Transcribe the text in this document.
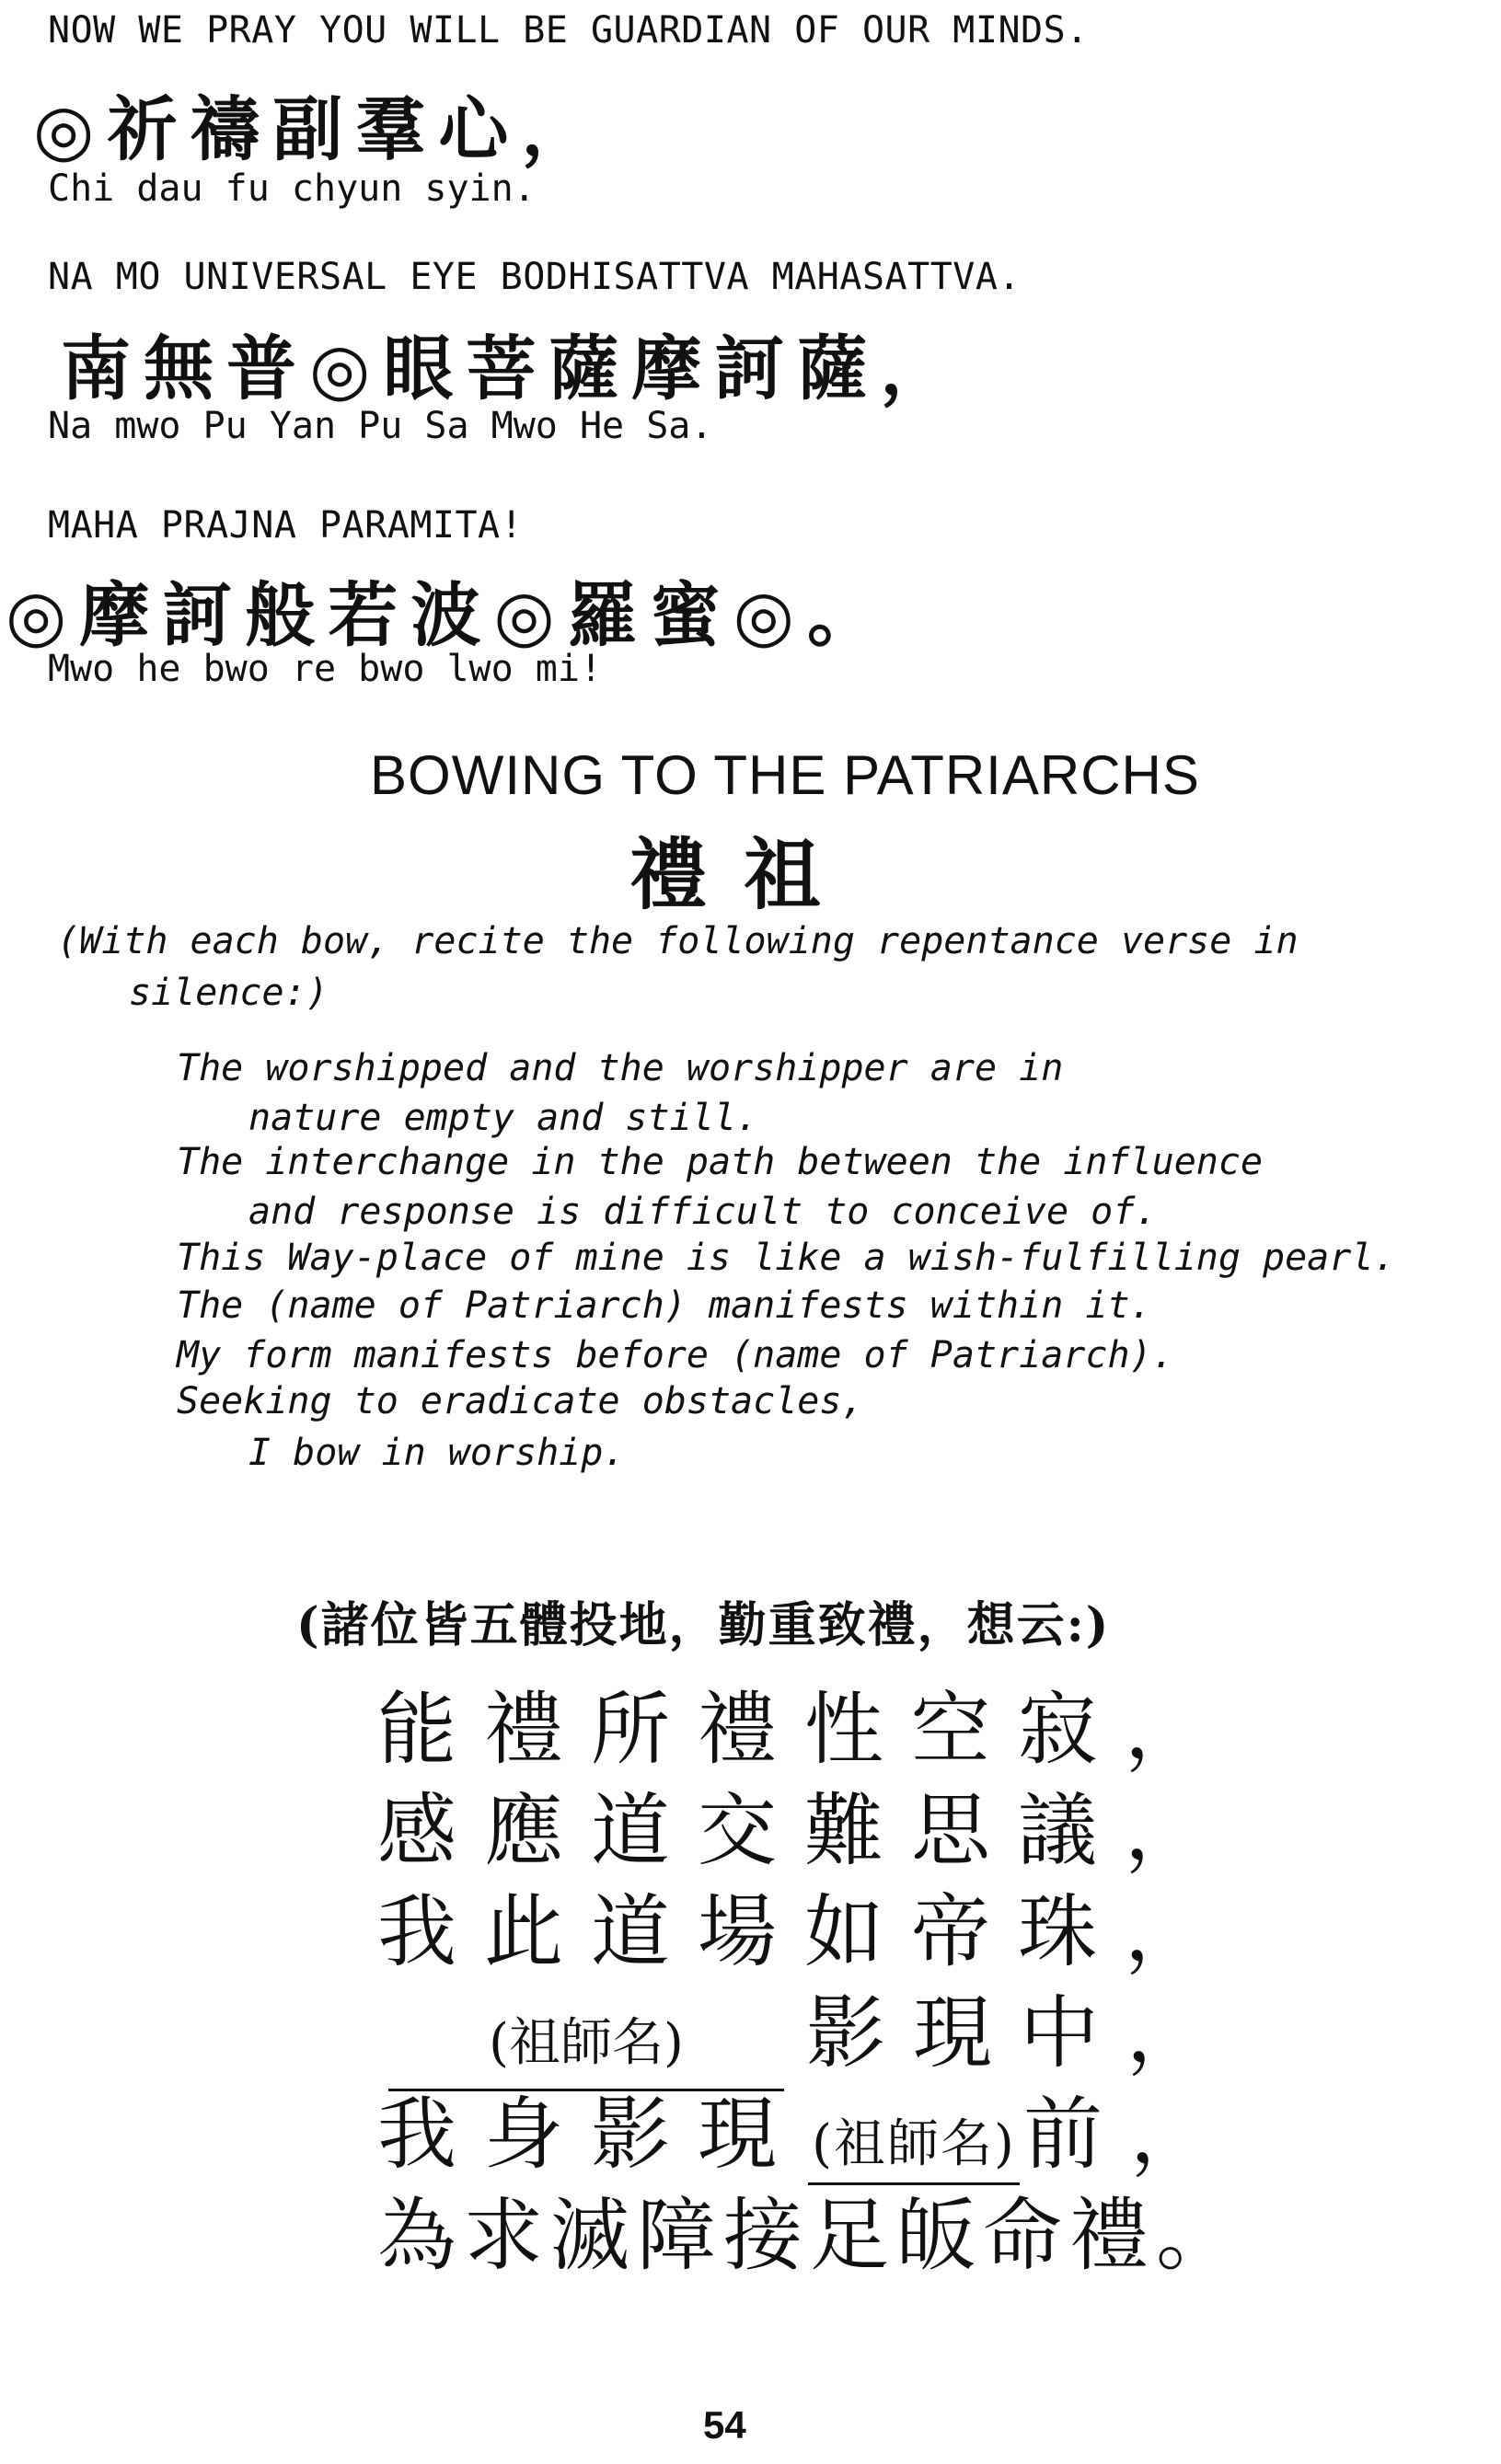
NOW WE PRAY YOU WILL BE GUARDIAN OF OUR MINDS.
◎祈禱副羣心，
Chi dau fu chyun syin.
NA MO UNIVERSAL EYE BODHISATTVA MAHASATTVA.
南無普◎眼菩薩摩訶薩，
Na mwo Pu Yan Pu Sa Mwo He Sa.
MAHA PRAJNA PARAMITA!
◎摩訶般若波◎羅蜜◎。
Mwo he bwo re bwo lwo mi!
BOWING TO THE PATRIARCHS
禮祖
(With each bow, recite the following repentance verse in
silence:)
The worshipped and the worshipper are in
nature empty and still.
The interchange in the path between the influence
and response is difficult to conceive of.
This Way-place of mine is like a wish-fulfilling pearl.
The (name of Patriarch) manifests within it.
My form manifests before (name of Patriarch).
Seeking to eradicate obstacles,
I bow in worship.
(諸位皆五體投地，勤重致禮，想云:)
能禮所禮性空寂，
感應道交難思議，
我此道場如帝珠，
(祖師名) 影現中，
我身影現 (祖師名) 前，
為求滅障接足皈命禮。
54
